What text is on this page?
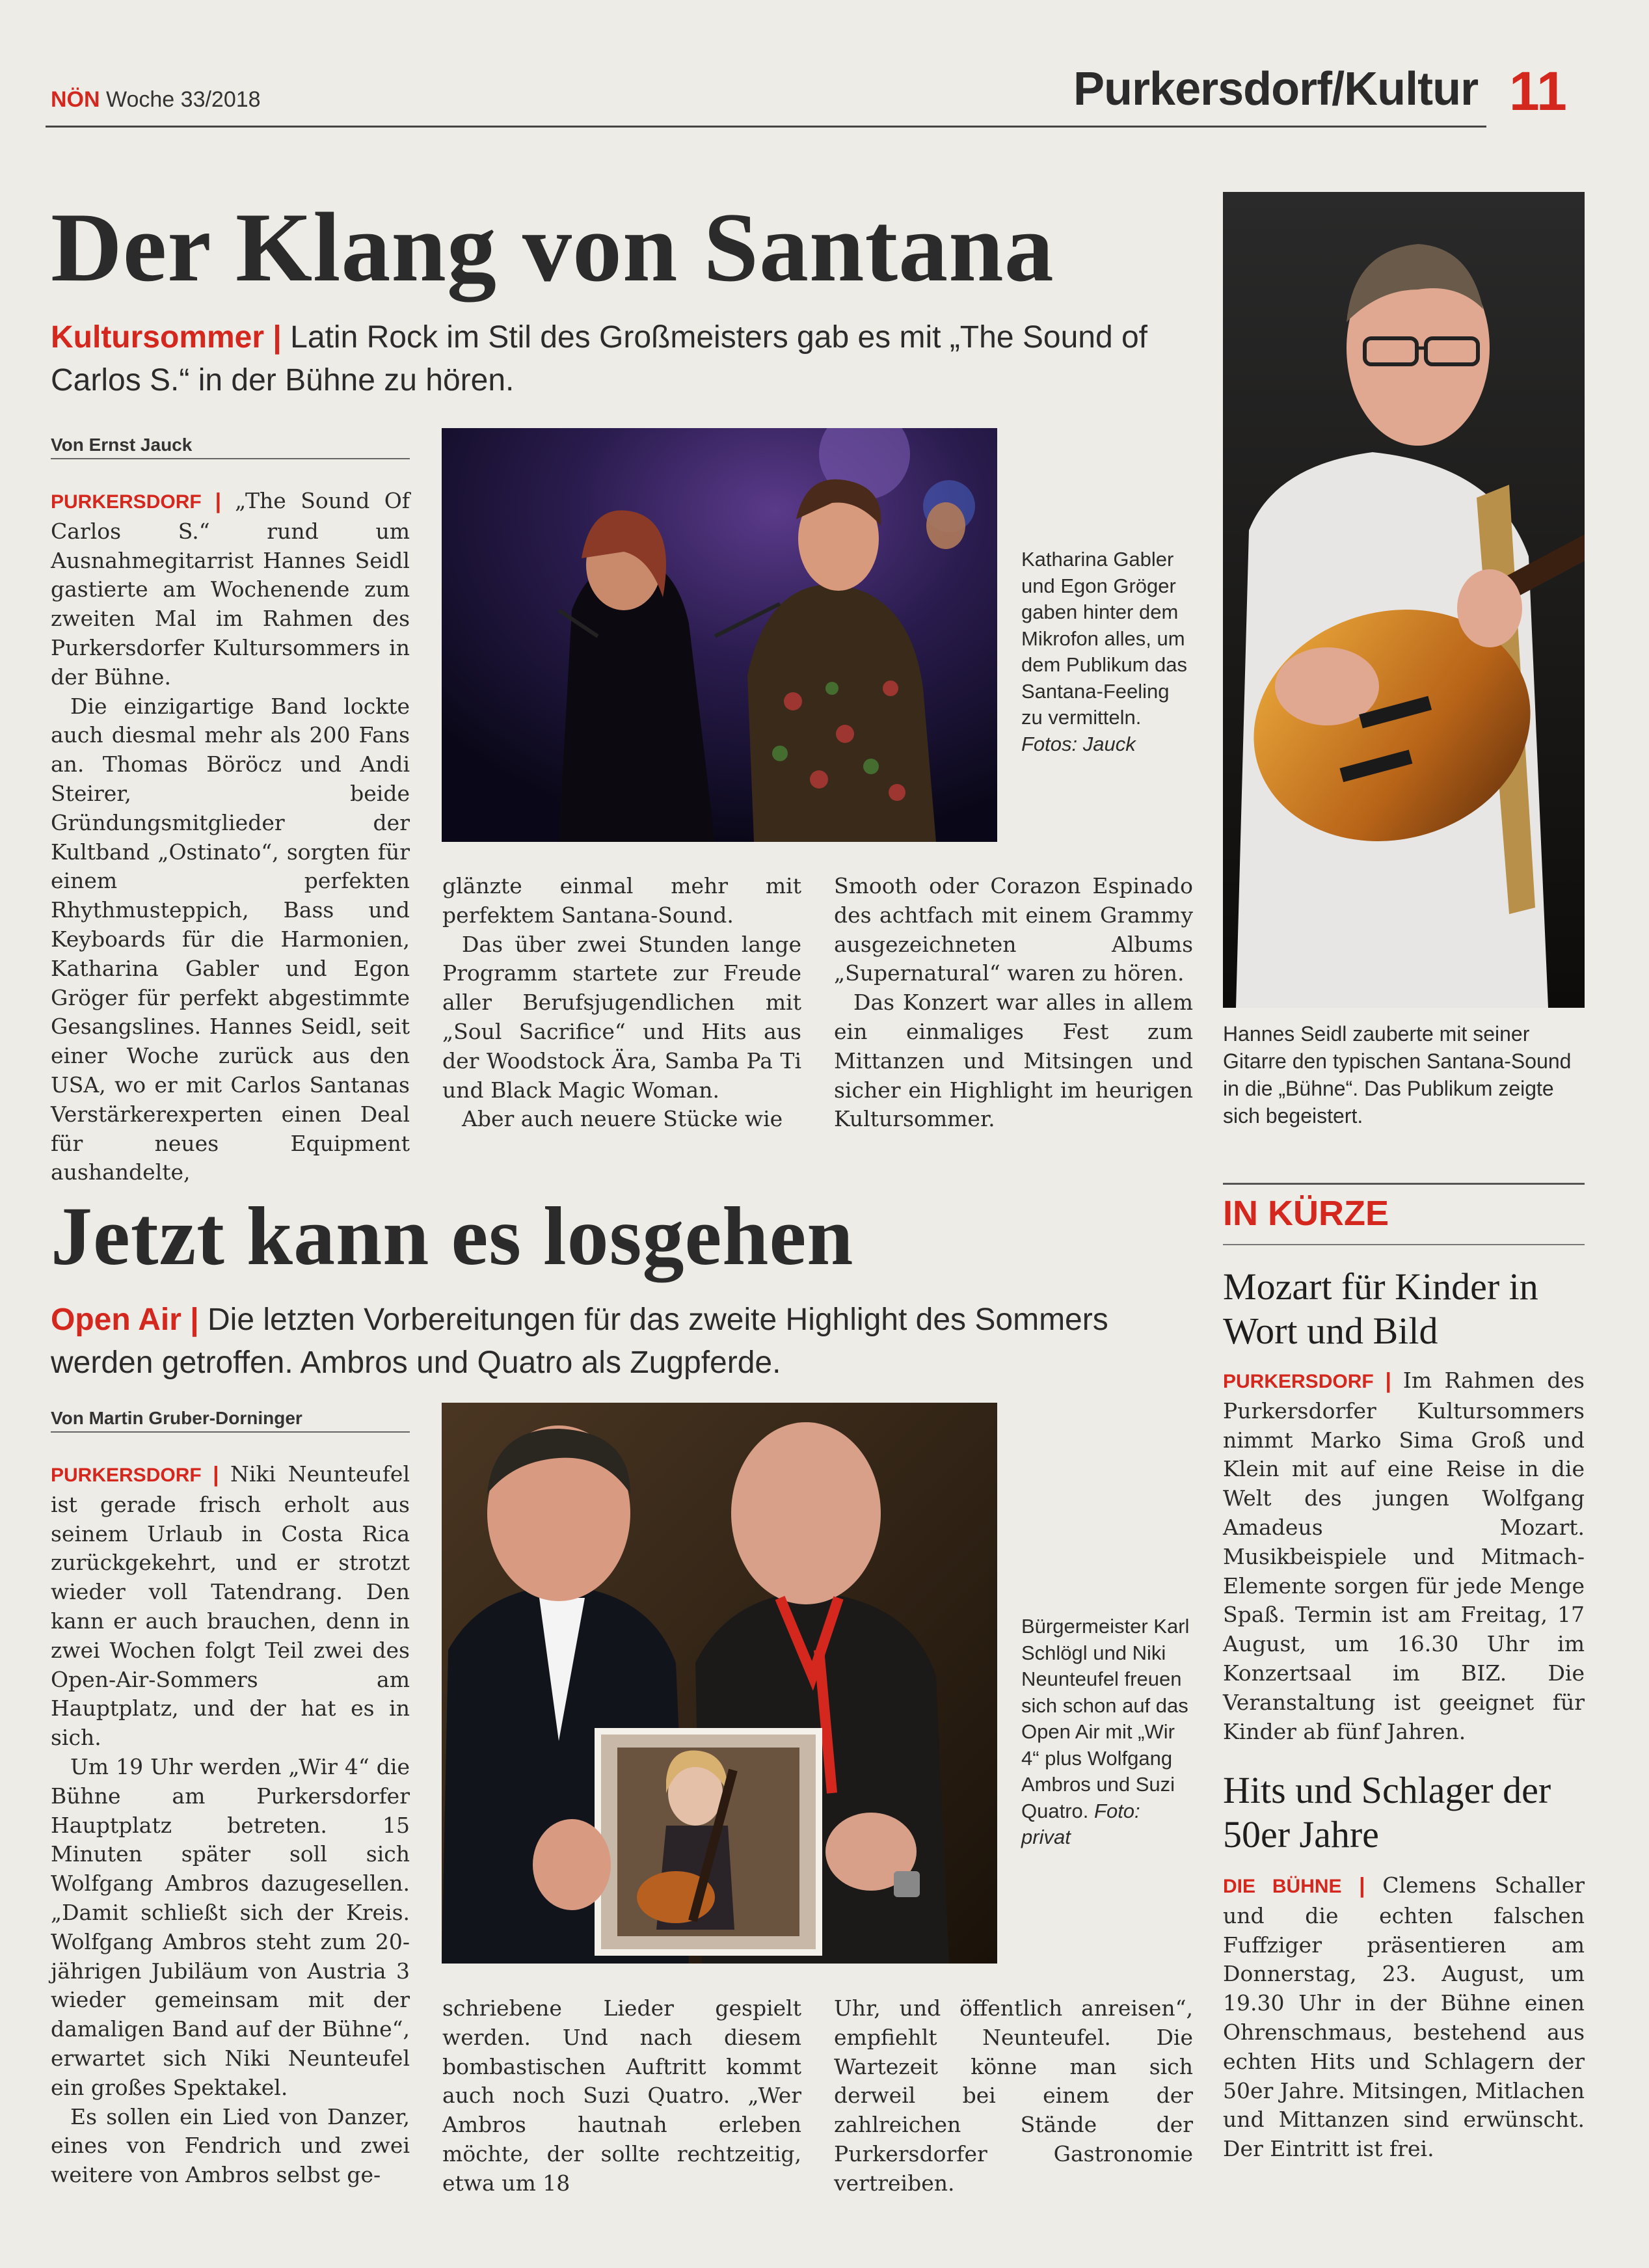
NÖN Woche 33/2018	Purkersdorf/Kultur 11
Der Klang von Santana
Kultursommer | Latin Rock im Stil des Großmeisters gab es mit „The Sound of Carlos S.“ in der Bühne zu hören.
Von Ernst Jauck

PURKERSDORF | „The Sound Of Carlos S.“ rund um Ausnahmegitarrist Hannes Seidl gastierte am Wochenende zum zweiten Mal im Rahmen des Purkersdorfer Kultursommers in der Bühne.

Die einzigartige Band lockte auch diesmal mehr als 200 Fans an. Thomas Böröcz und Andi Steirer, beide Gründungsmitglieder der Kultband „Ostinato“, sorgten für einem perfekten Rhythmusteppich, Bass und Keyboards für die Harmonien, Katharina Gabler und Egon Gröger für perfekt abgestimmte Gesangslines. Hannes Seidl, seit einer Woche zurück aus den USA, wo er mit Carlos Santanas Verstärkerexperten einen Deal für neues Equipment aushandelte,

Katharina Gabler und Egon Gröger gaben hinter dem Mikrofon alles, um dem Publikum das Santana-Feeling zu vermitteln. Fotos: Jauck

glänzte einmal mehr mit perfektem Santana-Sound.

Das über zwei Stunden lange Programm startete zur Freude aller Berufsjugendlichen mit „Soul Sacrifice“ und Hits aus der Woodstock Ära, Samba Pa Ti und Black Magic Woman.

Aber auch neuere Stücke wie

Smooth oder Corazon Espinado des achtfach mit einem Grammy ausgezeichneten Albums „Supernatural“ waren zu hören.

Das Konzert war alles in allem ein einmaliges Fest zum Mittanzen und Mitsingen und sicher ein Highlight im heurigen Kultursommer.

Hannes Seidl zauberte mit seiner Gitarre den typischen Santana-Sound in die „Bühne“. Das Publikum zeigte sich begeistert.
Jetzt kann es losgehen
Open Air | Die letzten Vorbereitungen für das zweite Highlight des Sommers werden getroffen. Ambros und Quatro als Zugpferde.
Von Martin Gruber-Dorninger

PURKERSDORF | Niki Neunteufel ist gerade frisch erholt aus seinem Urlaub in Costa Rica zurückgekehrt, und er strotzt wieder voll Tatendrang. Den kann er auch brauchen, denn in zwei Wochen folgt Teil zwei des Open-Air-Sommers am Hauptplatz, und der hat es in sich.

Um 19 Uhr werden „Wir 4“ die Bühne am Purkersdorfer Hauptplatz betreten. 15 Minuten später soll sich Wolfgang Ambros dazugesellen. „Damit schließt sich der Kreis. Wolfgang Ambros steht zum 20-jährigen Jubiläum von Austria 3 wieder gemeinsam mit der damaligen Band auf der Bühne“, erwartet sich Niki Neunteufel ein großes Spektakel.

Es sollen ein Lied von Danzer, eines von Fendrich und zwei weitere von Ambros selbst ge-

Bürgermeister Karl Schlögl und Niki Neunteufel freuen sich schon auf das Open Air mit „Wir 4“ plus Wolfgang Ambros und Suzi Quatro. Foto: privat

schriebene Lieder gespielt werden. Und nach diesem bombastischen Auftritt kommt auch noch Suzi Quatro. „Wer Ambros hautnah erleben möchte, der sollte rechtzeitig, etwa um 18

Uhr, und öffentlich anreisen“, empfiehlt Neunteufel. Die Wartezeit könne man sich derweil bei einem der zahlreichen Stände der Purkersdorfer Gastronomie vertreiben.

IN KÜRZE
Mozart für Kinder in Wort und Bild

PURKERSDORF | Im Rahmen des Purkersdorfer Kultursommers nimmt Marko Sima Groß und Klein mit auf eine Reise in die Welt des jungen Wolfgang Amadeus Mozart. Musikbeispiele und Mitmach-Elemente sorgen für jede Menge Spaß. Termin ist am Freitag, 17 August, um 16.30 Uhr im Konzertsaal im BIZ. Die Veranstaltung ist geeignet für Kinder ab fünf Jahren.

Hits und Schlager der 50er Jahre

DIE BÜHNE | Clemens Schaller und die echten falschen Fuffziger präsentieren am Donnerstag, 23. August, um 19.30 Uhr in der Bühne einen Ohrenschmaus, bestehend aus echten Hits und Schlagern der 50er Jahre. Mitsingen, Mitlachen und Mittanzen sind erwünscht. Der Eintritt ist frei.
